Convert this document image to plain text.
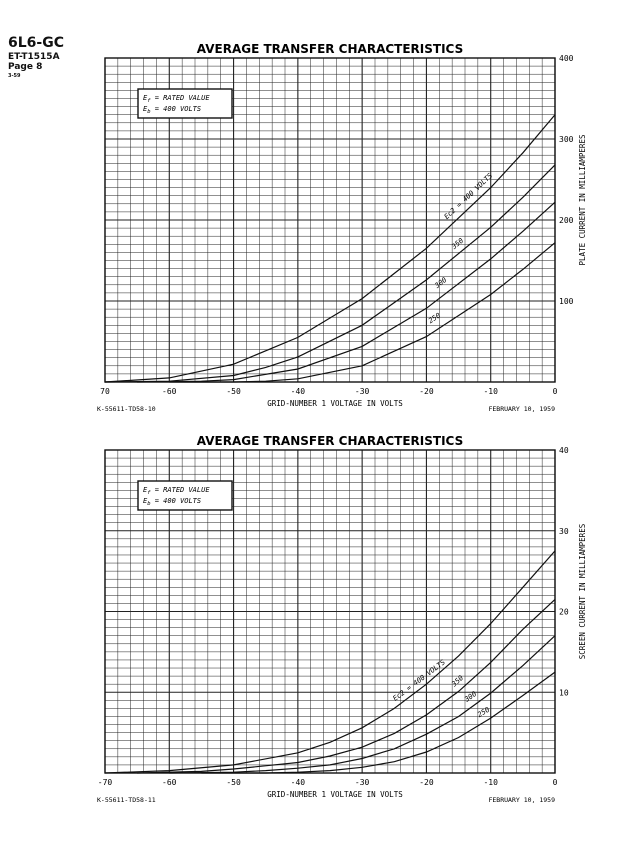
6L6-GC
ET-T1515A
Page 8
3-59
AVERAGE TRANSFER CHARACTERISTICS
70	-60	-50	-40	-30	-20	-10	0
100
200
300
400
GRID-NUMBER 1 VOLTAGE IN VOLTS
PLATE CURRENT IN MILLIAMPERES
K-55611-TD58-10	FEBRUARY 10, 1959
$E_f$ = RATED VALUE
$E_b = 400$ VOLTS
Ec2 = 400 VOLTS
350
300
250
AVERAGE TRANSFER CHARACTERISTICS
-70	-60	-50	-40	-30	-20	-10	0
10
20
30
40
GRID-NUMBER 1 VOLTAGE IN VOLTS
SCREEN CURRENT IN MILLIAMPERES
K-55611-TD58-11	FEBRUARY 10, 1959
$E_f$ = RATED VALUE
$E_b = 400$ VOLTS
Ec2 = 400 VOLTS 350
300
250
